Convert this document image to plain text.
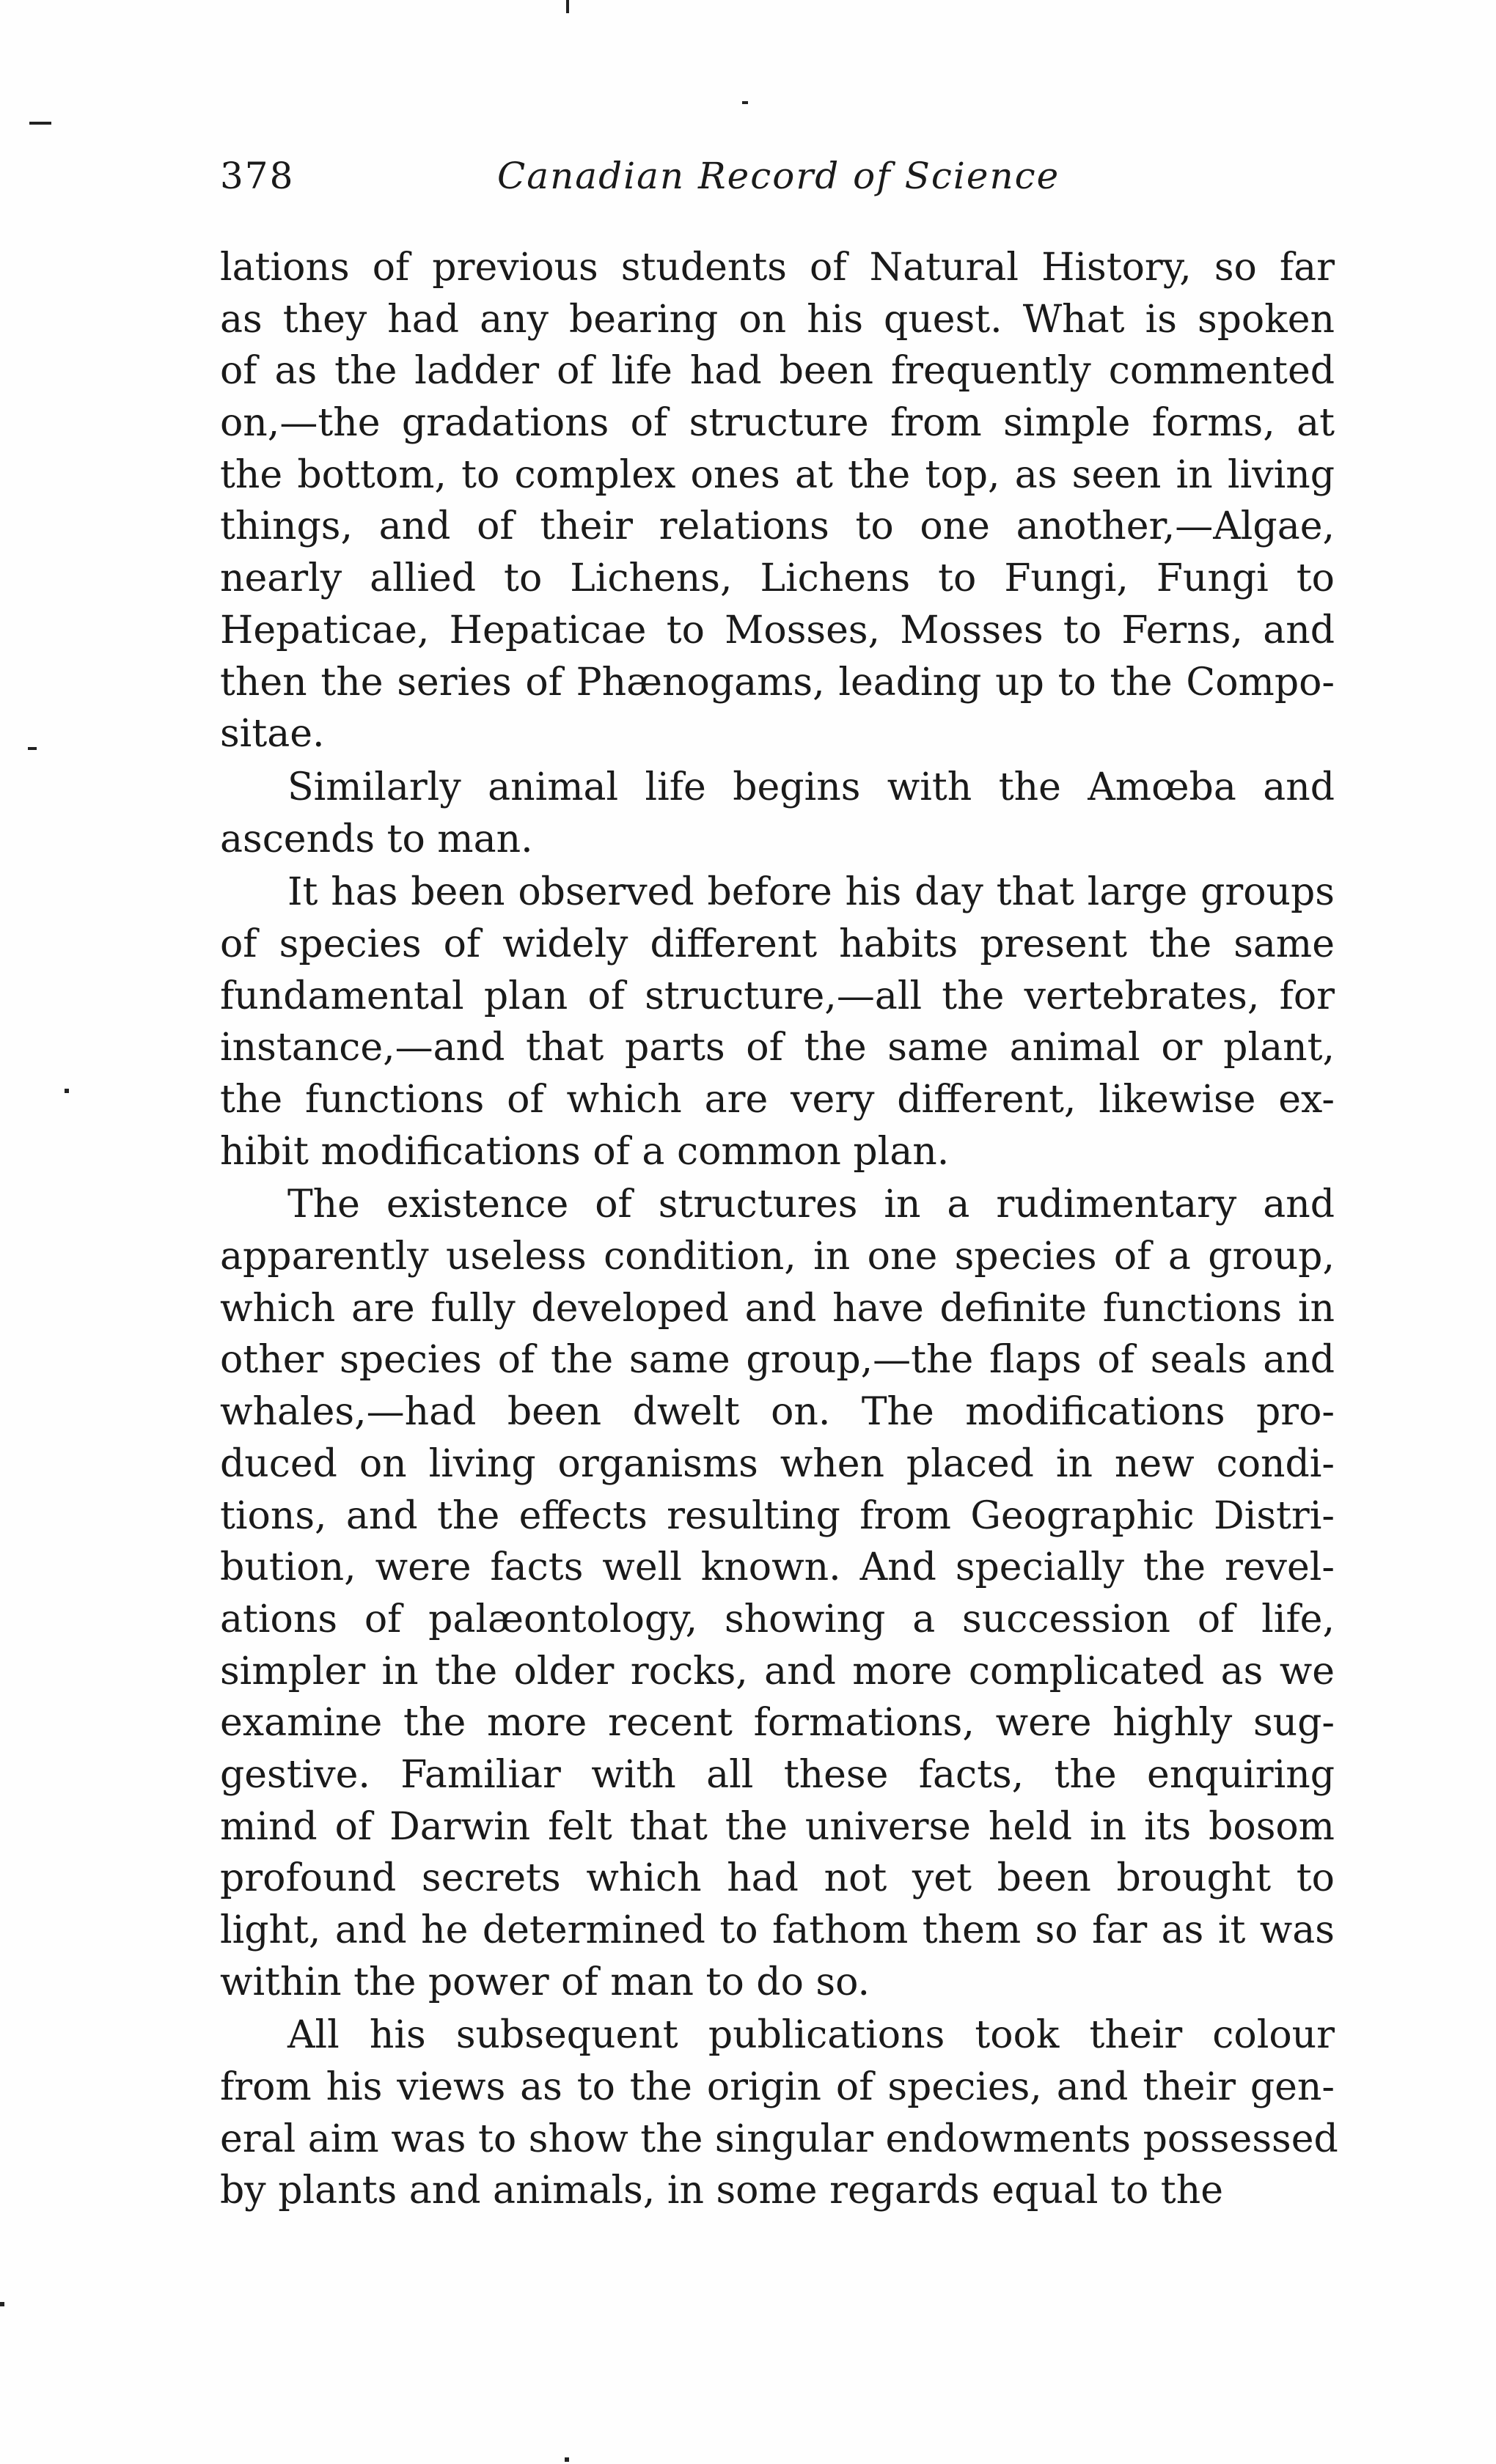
378	Canadian Record of Science
lations of previous students of Natural History, so far
as they had any bearing on his quest. What is spoken
of as the ladder of life had been frequently commented
on,—the gradations of structure from simple forms, at
the bottom, to complex ones at the top, as seen in living
things, and of their relations to one another,—Algae,
nearly allied to Lichens, Lichens to Fungi, Fungi to
Hepaticae, Hepaticae to Mosses, Mosses to Ferns, and
then the series of Phænogams, leading up to the Compo-
sitae.
Similarly animal life begins with the Amœba and
ascends to man.
It has been observed before his day that large groups
of species of widely different habits present the same
fundamental plan of structure,—all the vertebrates, for
instance,—and that parts of the same animal or plant,
the functions of which are very different, likewise ex-
hibit modifications of a common plan.
The existence of structures in a rudimentary and
apparently useless condition, in one species of a group,
which are fully developed and have definite functions in
other species of the same group,—the flaps of seals and
whales,—had been dwelt on. The modifications pro-
duced on living organisms when placed in new condi-
tions, and the effects resulting from Geographic Distri-
bution, were facts well known. And specially the revel-
ations of palæontology, showing a succession of life,
simpler in the older rocks, and more complicated as we
examine the more recent formations, were highly sug-
gestive. Familiar with all these facts, the enquiring
mind of Darwin felt that the universe held in its bosom
profound secrets which had not yet been brought to
light, and he determined to fathom them so far as it was
within the power of man to do so.
All his subsequent publications took their colour
from his views as to the origin of species, and their gen-
eral aim was to show the singular endowments possessed
by plants and animals, in some regards equal to the
